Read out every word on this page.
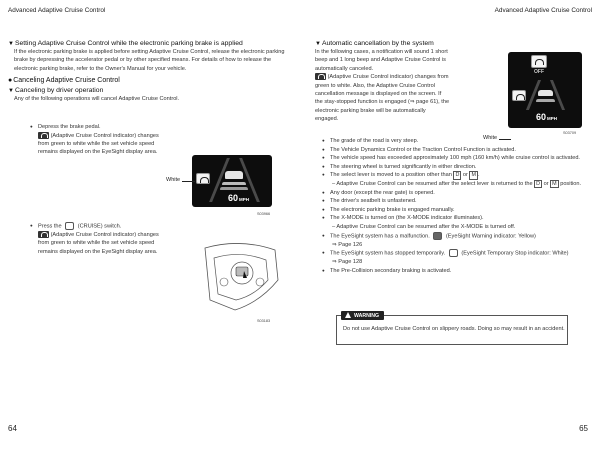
Advanced Adaptive Cruise Control	Advanced Adaptive Cruise Control
▼ Setting Adaptive Cruise Control while the electronic parking brake is applied
If the electronic parking brake is applied before setting Adaptive Cruise Control, release the electronic parking brake by depressing the accelerator pedal or by other specified means. For details of how to release the electronic parking brake, refer to the Owner's Manual for your vehicle.
● Canceling Adaptive Cruise Control
▼ Canceling by driver operation
Any of the following operations will cancel Adaptive Cruise Control.
● Depress the brake pedal.
(Adaptive Cruise Control indicator) changes from green to white while the set vehicle speed remains displayed on the EyeSight display area.
60MPH
White
S03966
● Press the	(CRUISE) switch.
(Adaptive Cruise Control indicator) changes from green to white while the set vehicle speed remains displayed on the EyeSight display area.
S03183
64
▼ Automatic cancellation by the system
In the following cases, a notification will sound 1 short beep and 1 long beep and Adaptive Cruise Control is automatically canceled.
(Adaptive Cruise Control indicator) changes from green to white. Also, the Adaptive Cruise Control cancellation message is displayed on the screen. If the stay-stopped function is engaged (⇒ page 61), the electronic parking brake will be automatically engaged.
OFF
60MPH
White
S03709
● The grade of the road is very steep.
● The Vehicle Dynamics Control or the Traction Control Function is activated.
● The vehicle speed has exceeded approximately 100 mph (160 km/h) while cruise control is activated.
● The steering wheel is turned significantly in either direction.
● The select lever is moved to a position other than D or M .
– Adaptive Cruise Control can be resumed after the select lever is returned to the D or M position.
● Any door (except the rear gate) is opened.
● The driver's seatbelt is unfastened.
● The electronic parking brake is engaged manually.
● The X-MODE is turned on (the X-MODE indicator illuminates).
– Adaptive Cruise Control can be resumed after the X-MODE is turned off.
● The EyeSight system has a malfunction.	(EyeSight Warning indicator: Yellow)
⇒ Page 126
● The EyeSight system has stopped temporarily.	(EyeSight Temporary Stop indicator: White)
⇒ Page 128
● The Pre-Collision secondary braking is activated.
WARNING
Do not use Adaptive Cruise Control on slippery roads. Doing so may result in an accident.
65
